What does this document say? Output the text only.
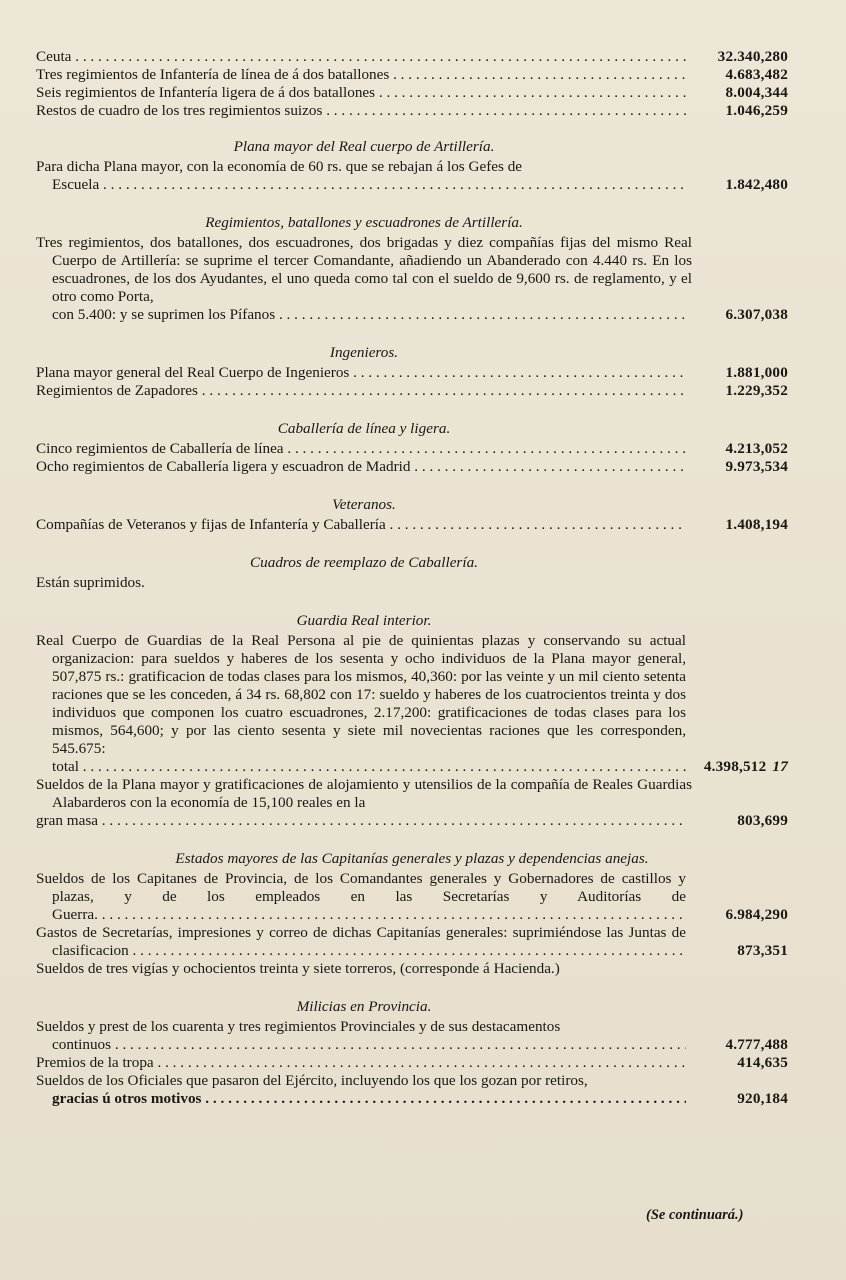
Ceuta . . .	32.340,280
Tres regimientos de Infantería de línea de á dos batallones . . .	4.683,482
Seis regimientos de Infantería ligera de á dos batallones . . .	8.004,344
Restos de cuadro de los tres regimientos suizos . . .	1.046,259
Plana mayor del Real cuerpo de Artillería.
Para dicha Plana mayor, con la economía de 60 rs. que se rebajan á los Gefes de
Escuela . . .	1.842,480
Regimientos, batallones y escuadrones de Artillería.
Tres regimientos, dos batallones, dos escuadrones, dos brigadas y diez compañías fijas del mismo Real Cuerpo de Artillería: se suprime el tercer Comandante, añadiendo un Abanderado con 4.440 rs. En los escuadrones, de los dos Ayudantes, el uno queda como tal con el sueldo de 9,600 rs. de reglamento, y el otro como Porta,
con 5.400: y se suprimen los Pífanos . . .	6.307,038
Ingenieros.
Plana mayor general del Real Cuerpo de Ingenieros . . .	1.881,000
Regimientos de Zapadores . . .	1.229,352
Caballería de línea y ligera.
Cinco regimientos de Caballería de línea . . .	4.213,052
Ocho regimientos de Caballería ligera y escuadron de Madrid . . .	9.973,534
Veteranos.
Compañías de Veteranos y fijas de Infantería y Caballería . . .	1.408,194
Cuadros de reemplazo de Caballería.
Están suprimidos.
Guardia Real interior.
Real Cuerpo de Guardias de la Real Persona al pie de quinientas plazas y conservando su actual organizacion: para sueldos y haberes de los sesenta y ocho individuos de la Plana mayor general, 507,875 rs.: gratificacion de todas clases para los mismos, 40,360: por las veinte y un mil ciento setenta raciones que se les conceden, á 34 rs. 68,802 con 17: sueldo y haberes de los cuatrocientos treinta y dos individuos que componen los cuatro escuadrones, 2.17,200: gratificaciones de todas clases para los mismos, 564,600; y por las ciento sesenta y siete mil novecientas raciones que les corresponden, 545.675: total . . .	4.398,512 17
Sueldos de la Plana mayor y gratificaciones de alojamiento y utensilios de la compañía de Reales Guardias Alabarderos con la economía de 15,100 reales en la
gran masa . . .	803,699
Estados mayores de las Capitanías generales y plazas y dependencias anejas.
Sueldos de los Capitanes de Provincia, de los Comandantes generales y Gobernadores de castillos y plazas, y de los empleados en las Secretarías y Auditorías de Guerra. . . .	6.984,290
Gastos de Secretarías, impresiones y correo de dichas Capitanías generales: suprimiéndose las Juntas de clasificacion . . .	873,351
Sueldos de tres vigías y ochocientos treinta y siete torreros, (corresponde á Hacienda.)
Milicias en Provincia.
Sueldos y prest de los cuarenta y tres regimientos Provinciales y de sus destacamentos
continuos . . .	4.777,488
Premios de la tropa . . .	414,635
Sueldos de los Oficiales que pasaron del Ejército, incluyendo los que los gozan por retiros,
gracias ú otros motivos . . .	920,184
(Se continuará.)
